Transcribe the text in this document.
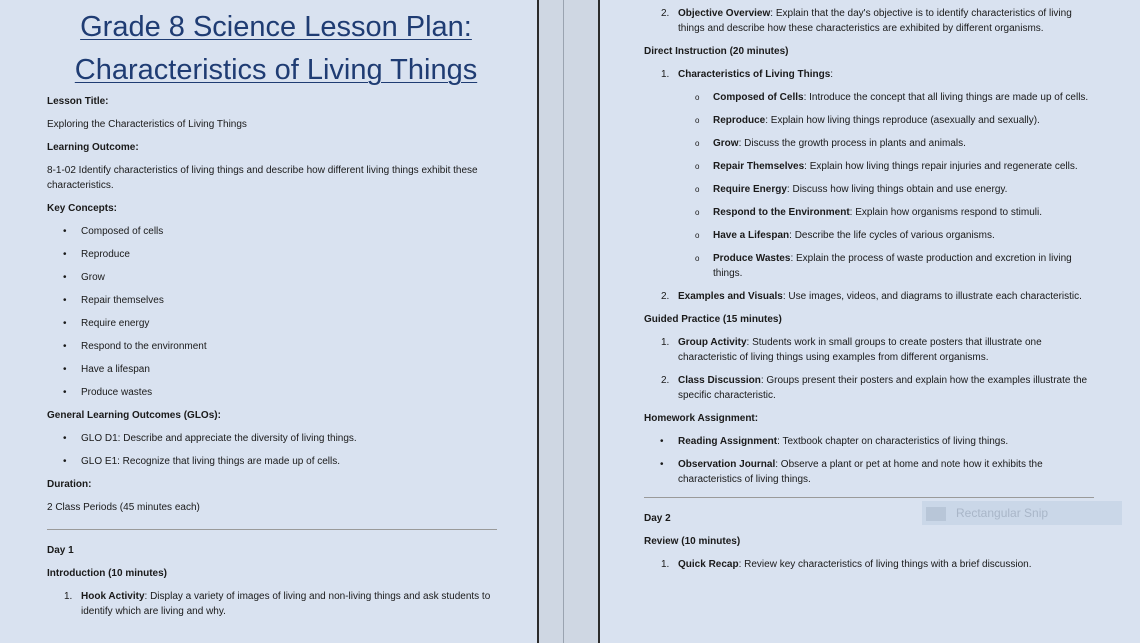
Grade 8 Science Lesson Plan:
Characteristics of Living Things

Lesson Title:

Exploring the Characteristics of Living Things

Learning Outcome:

8-1-02 Identify characteristics of living things and describe how different living things exhibit these characteristics.

Key Concepts:

• Composed of cells
• Reproduce
• Grow
• Repair themselves
• Require energy
• Respond to the environment
• Have a lifespan
• Produce wastes

General Learning Outcomes (GLOs):

• GLO D1: Describe and appreciate the diversity of living things.
• GLO E1: Recognize that living things are made up of cells.

Duration:

2 Class Periods (45 minutes each)

Day 1

Introduction (10 minutes)

1. Hook Activity: Display a variety of images of living and non-living things and ask students to identify which are living and why.
2. Objective Overview: Explain that the day's objective is to identify characteristics of living things and describe how these characteristics are exhibited by different organisms.

Direct Instruction (20 minutes)

1. Characteristics of Living Things:
o Composed of Cells: Introduce the concept that all living things are made up of cells.
o Reproduce: Explain how living things reproduce (asexually and sexually).
o Grow: Discuss the growth process in plants and animals.
o Repair Themselves: Explain how living things repair injuries and regenerate cells.
o Require Energy: Discuss how living things obtain and use energy.
o Respond to the Environment: Explain how organisms respond to stimuli.
o Have a Lifespan: Describe the life cycles of various organisms.
o Produce Wastes: Explain the process of waste production and excretion in living things.
2. Examples and Visuals: Use images, videos, and diagrams to illustrate each characteristic.

Guided Practice (15 minutes)

1. Group Activity: Students work in small groups to create posters that illustrate one characteristic of living things using examples from different organisms.
2. Class Discussion: Groups present their posters and explain how the examples illustrate the specific characteristic.

Homework Assignment:

• Reading Assignment: Textbook chapter on characteristics of living things.
• Observation Journal: Observe a plant or pet at home and note how it exhibits the characteristics of living things.

Day 2

Review (10 minutes)

1. Quick Recap: Review key characteristics of living things with a brief discussion.
Rectangular Snip
